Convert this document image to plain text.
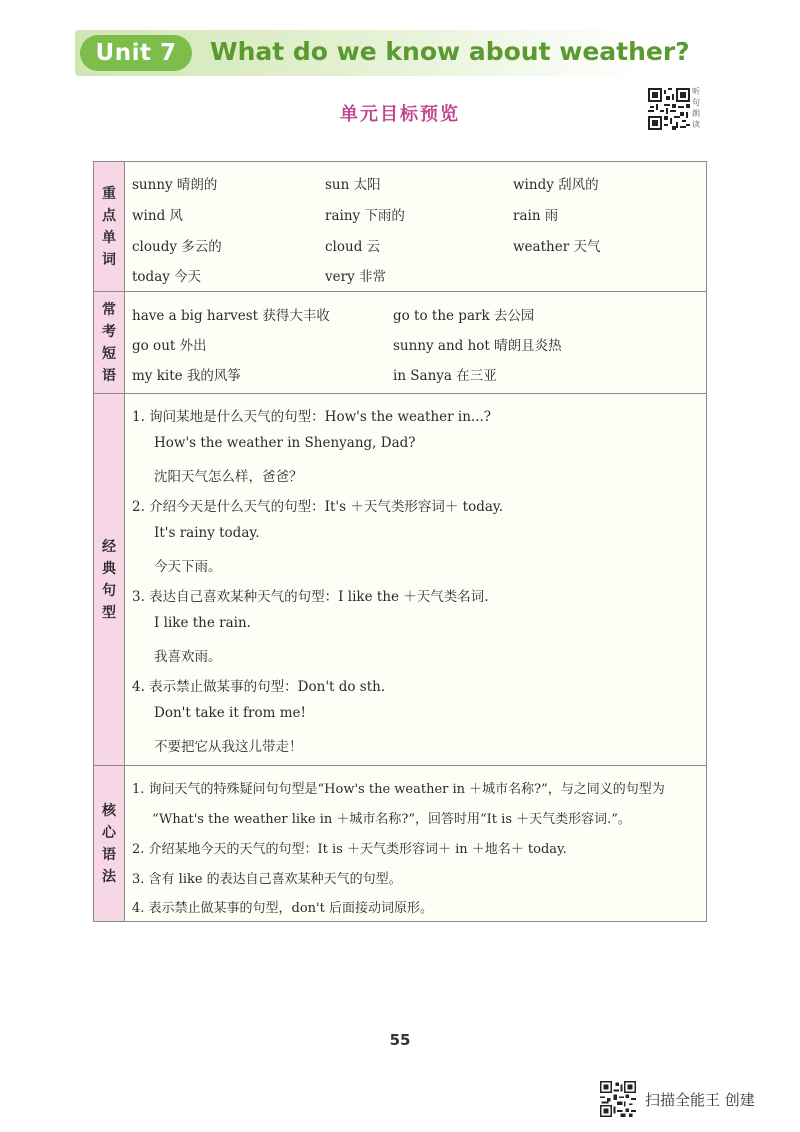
Unit 7	What do we know about weather?
单元目标预览
听句朗读
重
点
单
词
sunny 晴朗的	sun 太阳	windy 刮风的
wind 风	rainy 下雨的	rain 雨
cloudy 多云的	cloud 云	weather 天气
today 今天	very 非常
常
考
短
语
have a big harvest 获得大丰收	go to the park 去公园
go out 外出	sunny and hot 晴朗且炎热
my kite 我的风筝	in Sanya 在三亚
经
典
句
型
1. 询问某地是什么天气的句型：How's the weather in...?
How's the weather in Shenyang, Dad?
沈阳天气怎么样，爸爸？
2. 介绍今天是什么天气的句型：It's ＋天气类形容词＋ today.
It's rainy today.
今天下雨。
3. 表达自己喜欢某种天气的句型：I like the ＋天气类名词.
I like the rain.
我喜欢雨。
4. 表示禁止做某事的句型：Don't do sth.
Don't take it from me!
不要把它从我这儿带走！
核
心
语
法
1. 询问天气的特殊疑问句句型是“How's the weather in ＋城市名称?”，与之同义的句型为
“What's the weather like in ＋城市名称?”，回答时用“It is ＋天气类形容词.”。
2. 介绍某地今天的天气的句型：It is ＋天气类形容词＋ in ＋地名＋ today.
3. 含有 like 的表达自己喜欢某种天气的句型。
4. 表示禁止做某事的句型，don't 后面接动词原形。
55
扫描全能王 创建
